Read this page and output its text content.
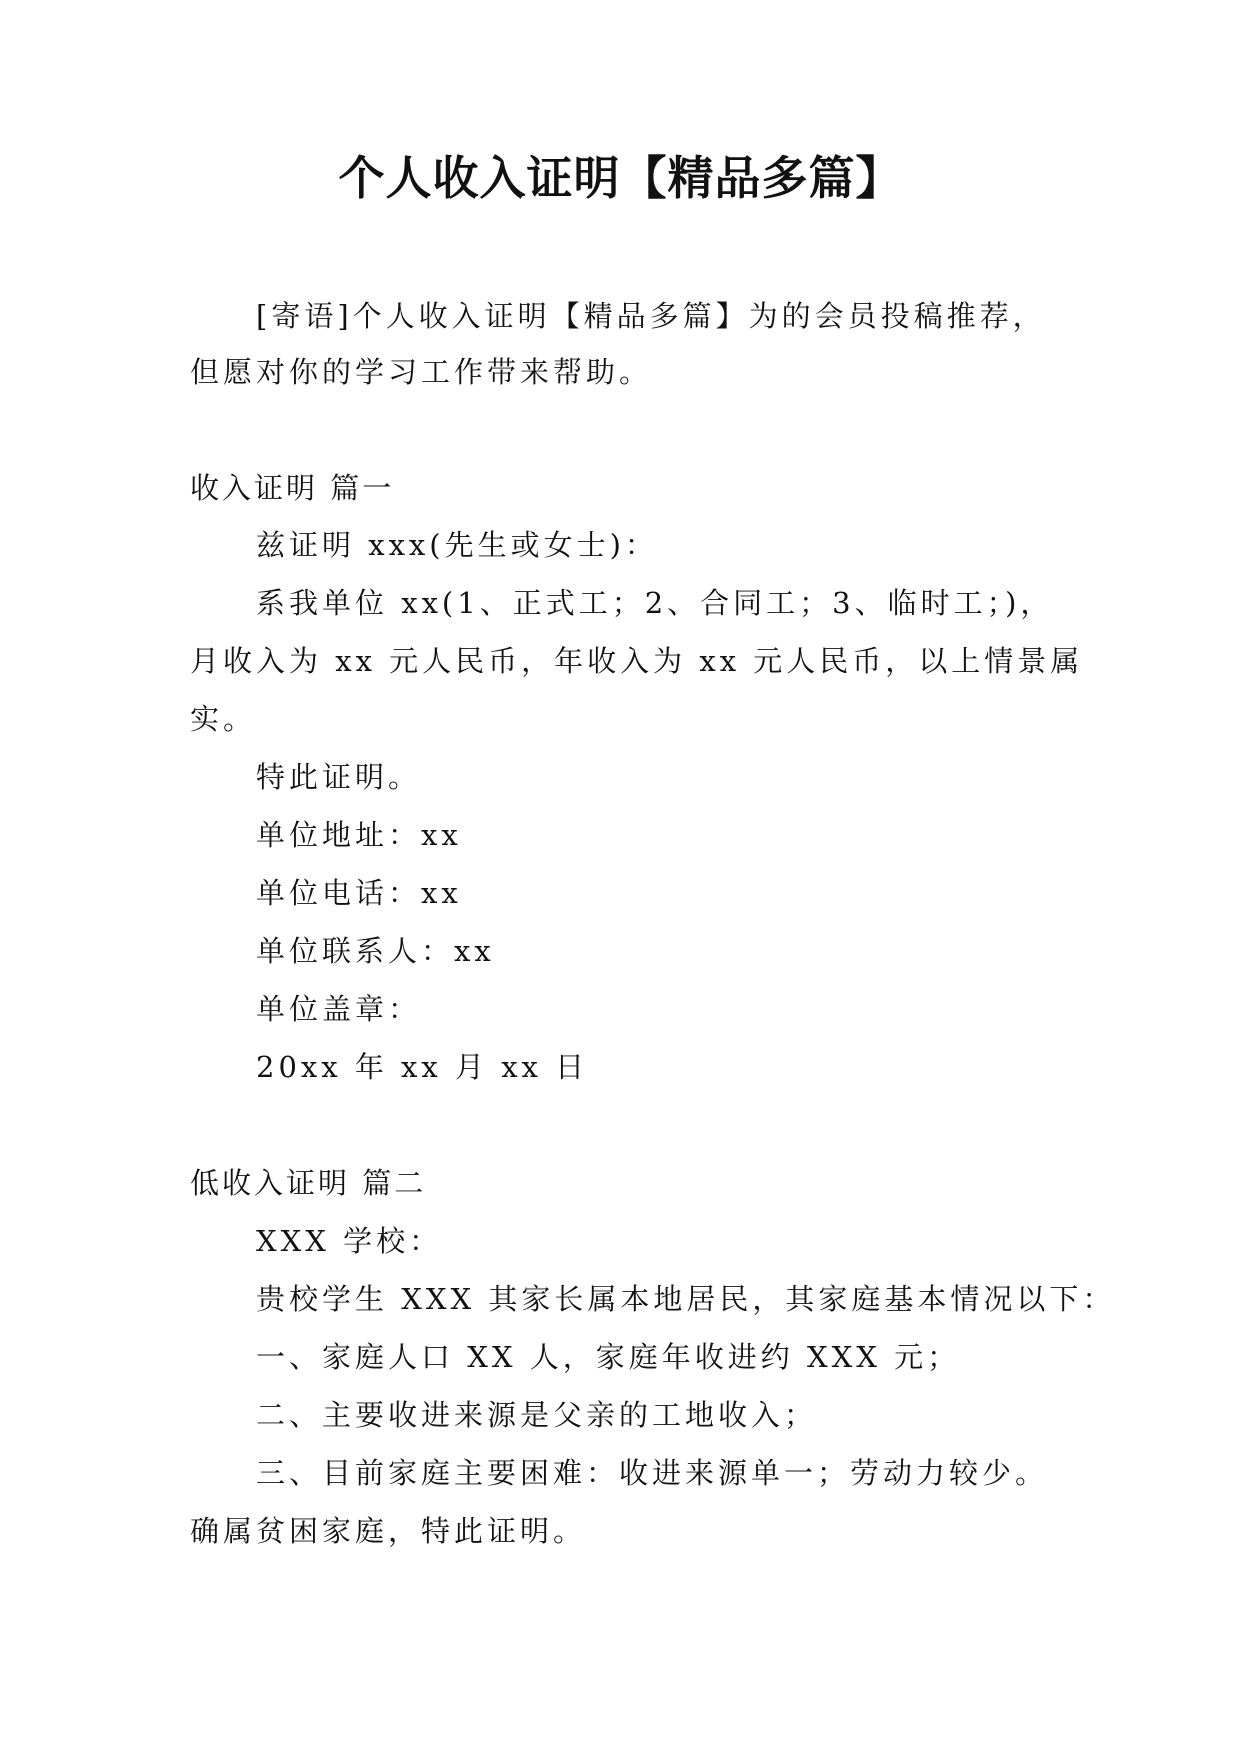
个人收入证明【精品多篇】

[寄语]个人收入证明【精品多篇】为的会员投稿推荐，

但愿对你的学习工作带来帮助。

收入证明 篇一

兹证明 xxx(先生或女士)：

系我单位 xx(1、正式工；2、合同工；3、临时工；)，

月收入为 xx 元人民币，年收入为 xx 元人民币，以上情景属

实。

特此证明。

单位地址：xx

单位电话：xx

单位联系人：xx

单位盖章：

20xx 年 xx 月 xx 日

低收入证明 篇二

XXX 学校：

贵校学生 XXX 其家长属本地居民，其家庭基本情况以下：

一、家庭人口 XX 人，家庭年收进约 XXX 元；

二、主要收进来源是父亲的工地收入；

三、目前家庭主要困难：收进来源单一；劳动力较少。

确属贫困家庭，特此证明。
